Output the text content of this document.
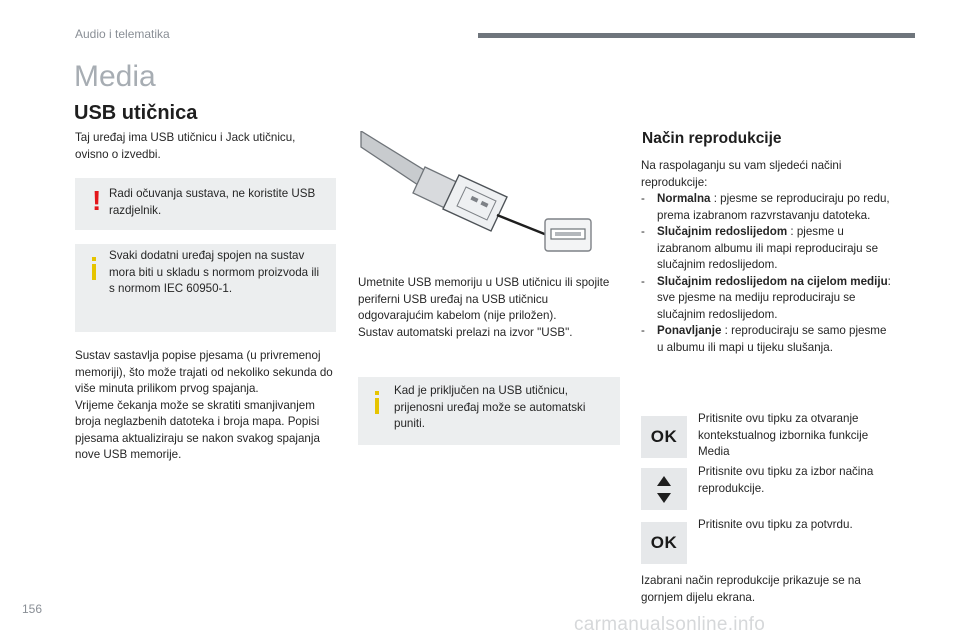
Audio i telematika
Media
USB utičnica
Taj uređaj ima USB utičnicu i Jack utičnicu, ovisno o izvedbi.
! Radi očuvanja sustava, ne koristite USB razdjelnik.
Svaki dodatni uređaj spojen na sustav mora biti u skladu s normom proizvoda ili s normom IEC 60950-1.
Sustav sastavlja popise pjesama (u privremenoj memoriji), što može trajati od nekoliko sekunda do više minuta prilikom prvog spajanja.
Vrijeme čekanja može se skratiti smanjivanjem broja neglazbenih datoteka i broja mapa. Popisi pjesama aktualiziraju se nakon svakog spajanja nove USB memorije.
Umetnite USB memoriju u USB utičnicu ili spojite periferni USB uređaj na USB utičnicu odgovarajućim kabelom (nije priložen).
Sustav automatski prelazi na izvor "USB".
Kad je priključen na USB utičnicu, prijenosni uređaj može se automatski puniti.
Način reprodukcije
Na raspolaganju su vam sljedeći načini reprodukcije:
- Normalna : pjesme se reproduciraju po redu, prema izabranom razvrstavanju datoteka.
- Slučajnim redoslijedom : pjesme u izabranom albumu ili mapi reproduciraju se slučajnim redoslijedom.
- Slučajnim redoslijedom na cijelom mediju: sve pjesme na mediju reproduciraju se slučajnim redoslijedom.
- Ponavljanje : reproduciraju se samo pjesme u albumu ili mapi u tijeku slušanja.
OK
Pritisnite ovu tipku za otvaranje kontekstualnog izbornika funkcije Media
Pritisnite ovu tipku za izbor načina reprodukcije.
OK
Pritisnite ovu tipku za potvrdu.
Izabrani način reprodukcije prikazuje se na gornjem dijelu ekrana.
156
carmanualsonline.info
